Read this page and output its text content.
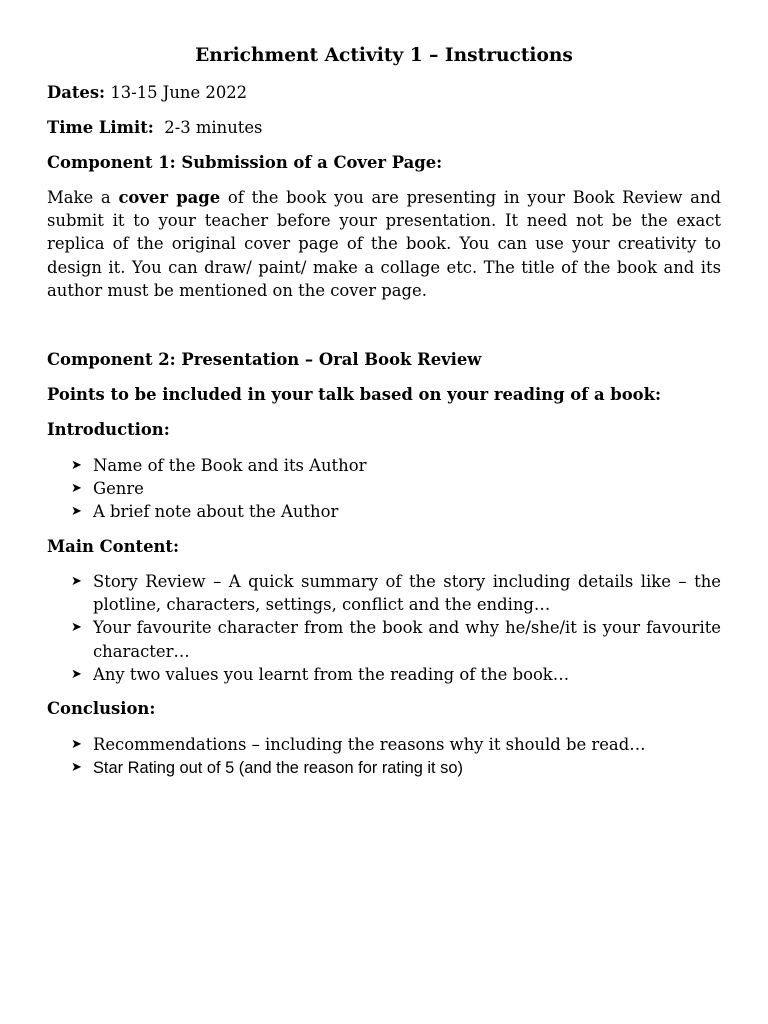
Enrichment Activity 1 – Instructions

Dates: 13-15 June 2022

Time Limit:  2-3 minutes

Component 1: Submission of a Cover Page:

Make a cover page of the book you are presenting in your Book Review and submit it to your teacher before your presentation. It need not be the exact replica of the original cover page of the book. You can use your creativity to design it. You can draw/ paint/ make a collage etc. The title of the book and its author must be mentioned on the cover page.

Component 2: Presentation – Oral Book Review

Points to be included in your talk based on your reading of a book:

Introduction:

➤ Name of the Book and its Author
➤ Genre
➤ A brief note about the Author

Main Content:

➤ Story Review – A quick summary of the story including details like – the plotline, characters, settings, conflict and the ending…
➤ Your favourite character from the book and why he/she/it is your favourite character…
➤ Any two values you learnt from the reading of the book…

Conclusion:

➤ Recommendations – including the reasons why it should be read…
➤ Star Rating out of 5 (and the reason for rating it so)
